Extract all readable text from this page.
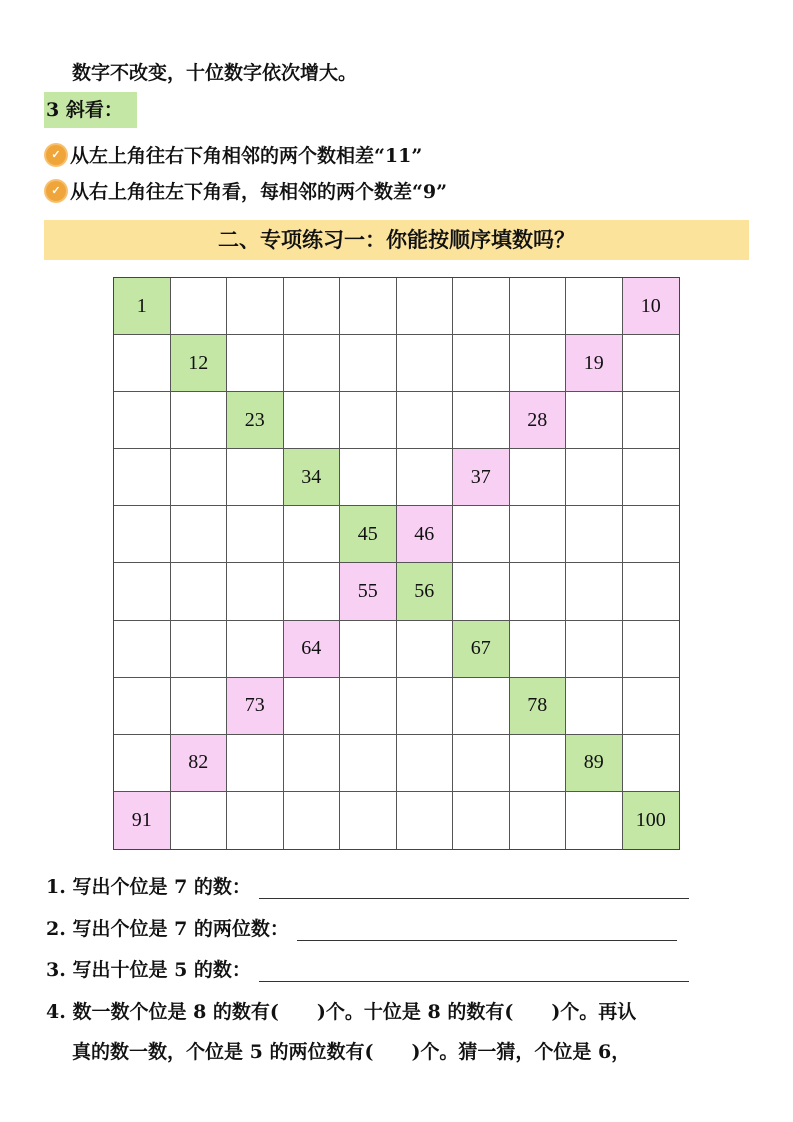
数字不改变，十位数字依次增大。
3 斜看：
✓ 从左上角往右下角相邻的两个数相差“11”
✓ 从右上角往左下角看，每相邻的两个数差“9”
二、专项练习一：你能按顺序填数吗？
1	10
12	19
23	28
34	37
45	46
55	56
64	67
73	78
82	89
91	100
1. 写出个位是 7 的数：
2. 写出个位是 7 的两位数：
3. 写出十位是 5 的数：
4. 数一数个位是 8 的数有(　　)个。十位是 8 的数有(　　)个。再认
真的数一数，个位是 5 的两位数有(　　)个。猜一猜，个位是 6，
